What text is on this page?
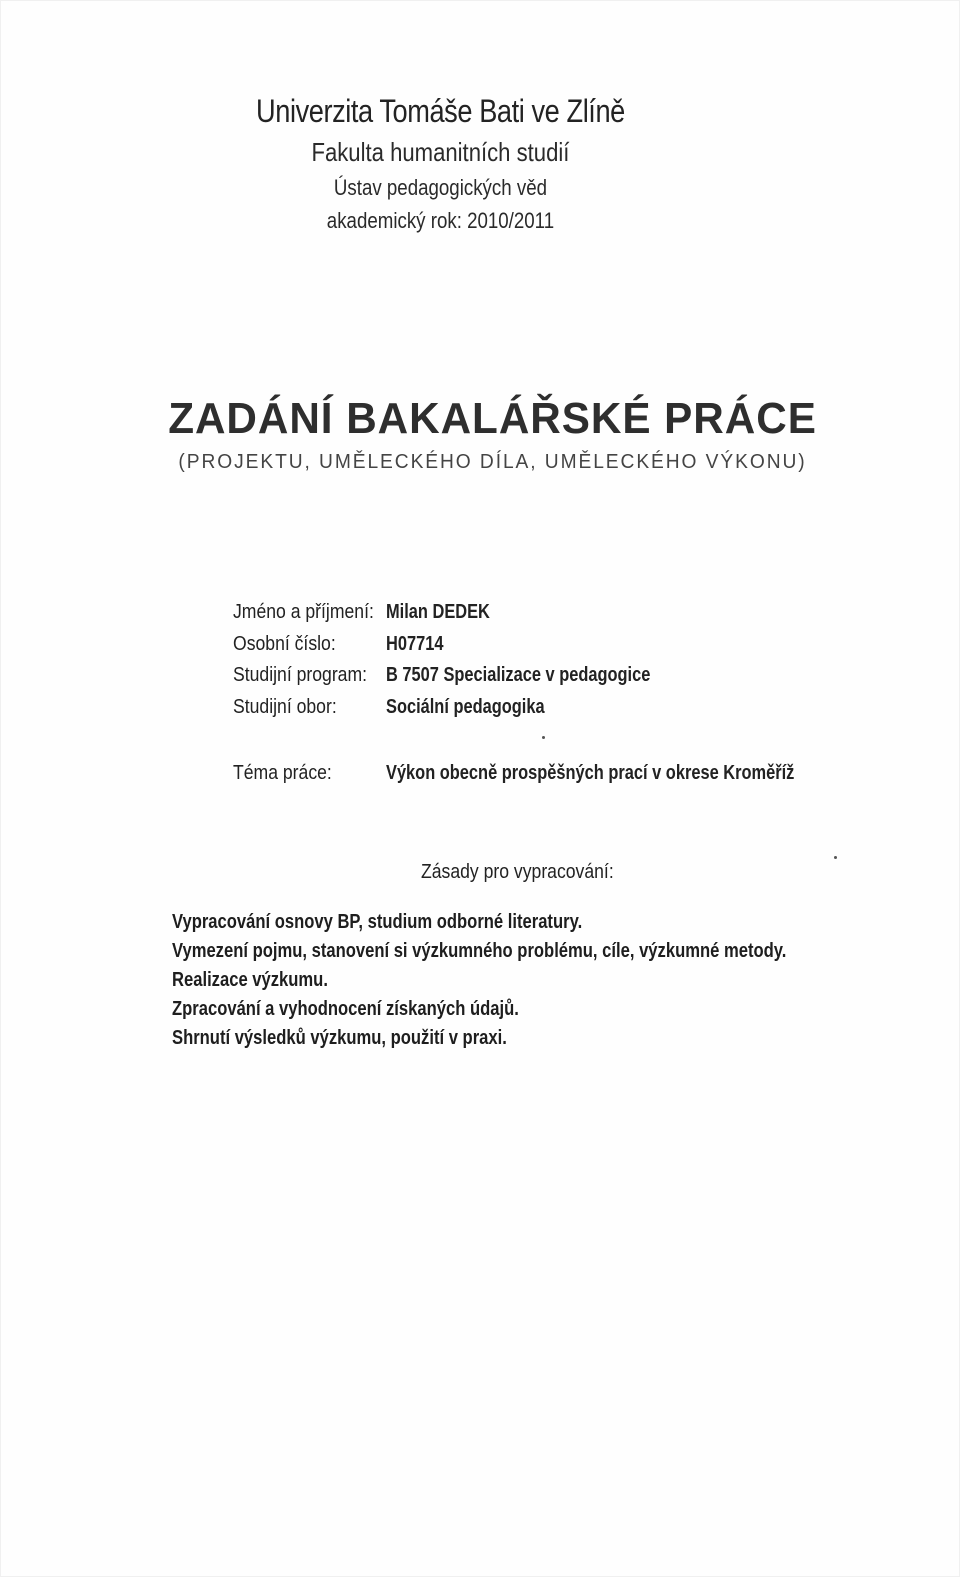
Univerzita Tomáše Bati ve Zlíně
Fakulta humanitních studií
Ústav pedagogických věd
akademický rok: 2010/2011
ZADÁNÍ BAKALÁŘSKÉ PRÁCE
(PROJEKTU, UMĚLECKÉHO DÍLA, UMĚLECKÉHO VÝKONU)
Jméno a příjmení: Milan DEDEK
Osobní číslo:	H07714
Studijní program: B 7507 Specializace v pedagogice
Studijní obor:	Sociální pedagogika
Téma práce:	Výkon obecně prospěšných prací v okrese Kroměříž
Zásady pro vypracování:
Vypracování osnovy BP, studium odborné literatury.
Vymezení pojmu, stanovení si výzkumného problému, cíle, výzkumné metody.
Realizace výzkumu.
Zpracování a vyhodnocení získaných údajů.
Shrnutí výsledků výzkumu, použití v praxi.
